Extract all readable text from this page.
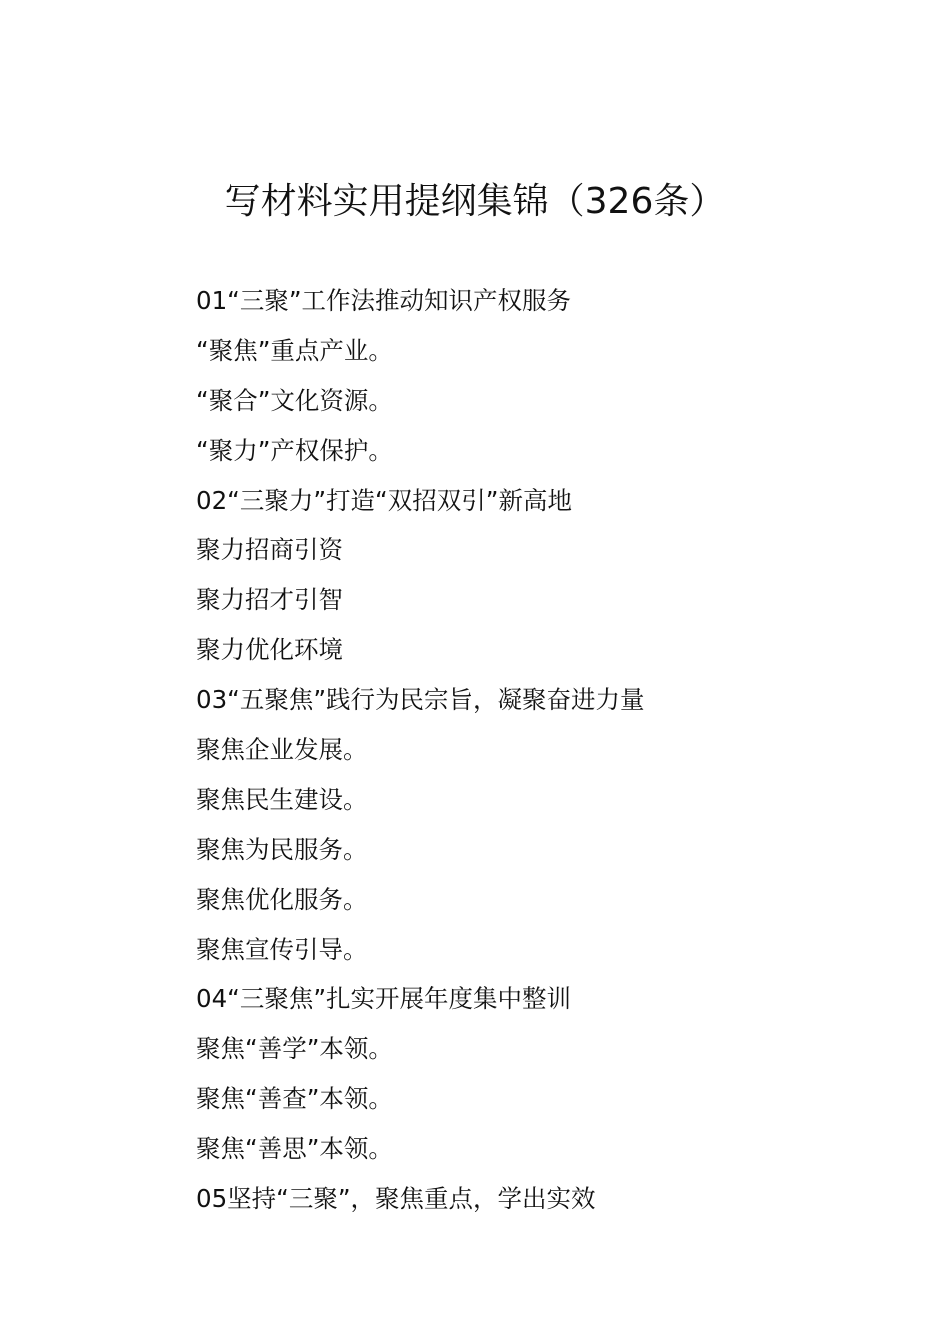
写材料实用提纲集锦（326条）
01“三聚”工作法推动知识产权服务
“聚焦”重点产业。
“聚合”文化资源。
“聚力”产权保护。
02“三聚力”打造“双招双引”新高地
聚力招商引资
聚力招才引智
聚力优化环境
03“五聚焦”践行为民宗旨，凝聚奋进力量
聚焦企业发展。
聚焦民生建设。
聚焦为民服务。
聚焦优化服务。
聚焦宣传引导。
04“三聚焦”扎实开展年度集中整训
聚焦“善学”本领。
聚焦“善查”本领。
聚焦“善思”本领。
05坚持“三聚”，聚焦重点，学出实效
